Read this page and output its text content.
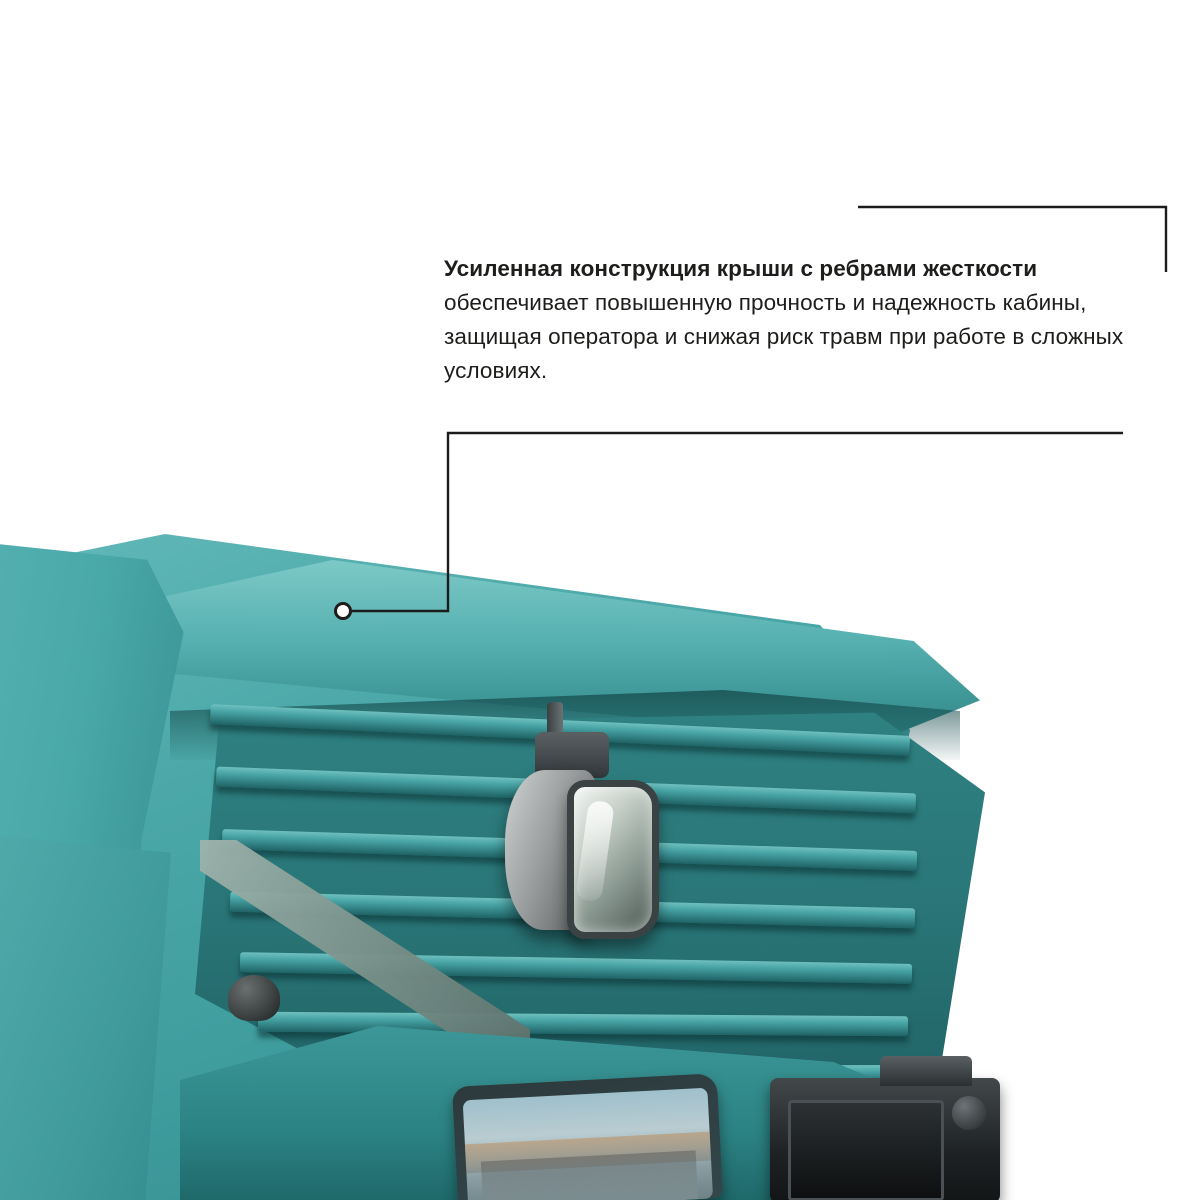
Усиленная конструкция крыши с ребрами жесткости обеспечивает повышенную прочность и надежность кабины, защищая оператора и снижая риск травм при работе в сложных условиях.
